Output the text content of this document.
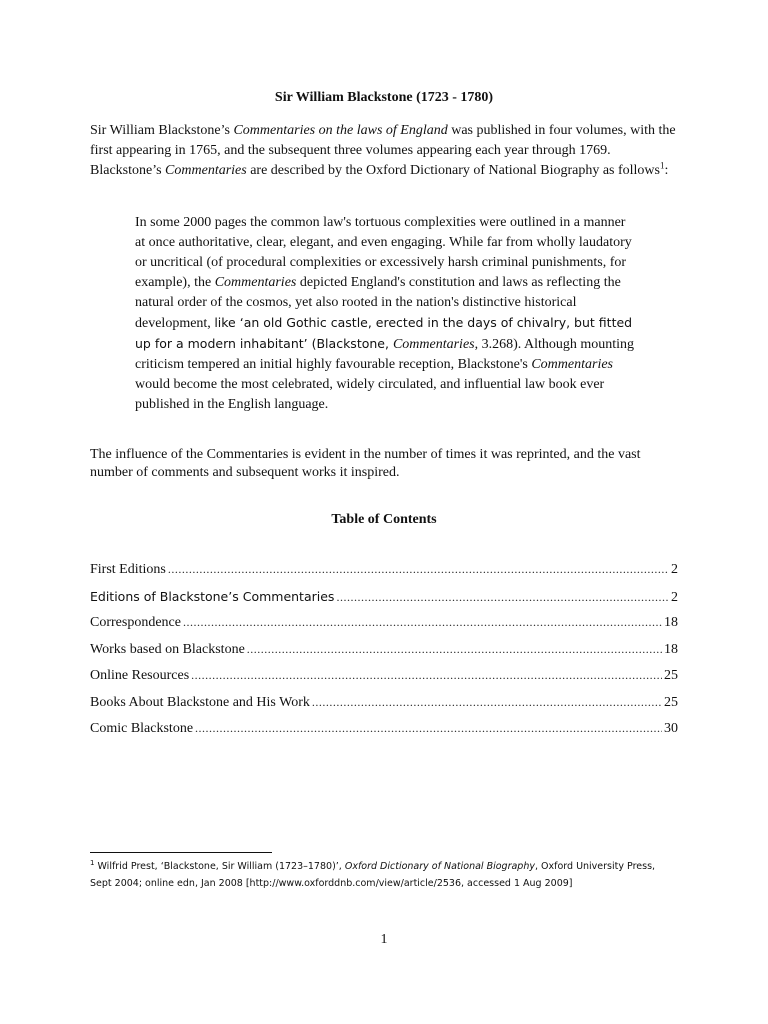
Sir William Blackstone (1723 - 1780)

Sir William Blackstone’s Commentaries on the laws of England was published in four volumes, with the first appearing in 1765, and the subsequent three volumes appearing each year through 1769. Blackstone’s Commentaries are described by the Oxford Dictionary of National Biography as follows$^1$:

In some 2000 pages the common law's tortuous complexities were outlined in a manner at once authoritative, clear, elegant, and even engaging. While far from wholly laudatory or uncritical (of procedural complexities or excessively harsh criminal punishments, for example), the Commentaries depicted England's constitution and laws as reflecting the natural order of the cosmos, yet also rooted in the nation's distinctive historical development, like ‘an old Gothic castle, erected in the days of chivalry, but fitted up for a modern inhabitant’ (Blackstone, Commentaries, 3.268). Although mounting criticism tempered an initial highly favourable reception, Blackstone's Commentaries would become the most celebrated, widely circulated, and influential law book ever published in the English language.

The influence of the Commentaries is evident in the number of times it was reprinted, and the vast number of comments and subsequent works it inspired.

Table of Contents
First Editions .....	2
Editions of Blackstone’s Commentaries .....	2
Correspondence .....	18
Works based on Blackstone .....	18
Online Resources .....	25
Books About Blackstone and His Work .....	25
Comic Blackstone .....	30

$^1$ Wilfrid Prest, ‘Blackstone, Sir William (1723–1780)’, Oxford Dictionary of National Biography, Oxford University Press, Sept 2004; online edn, Jan 2008 [http://www.oxforddnb.com/view/article/2536, accessed 1 Aug 2009]

1
